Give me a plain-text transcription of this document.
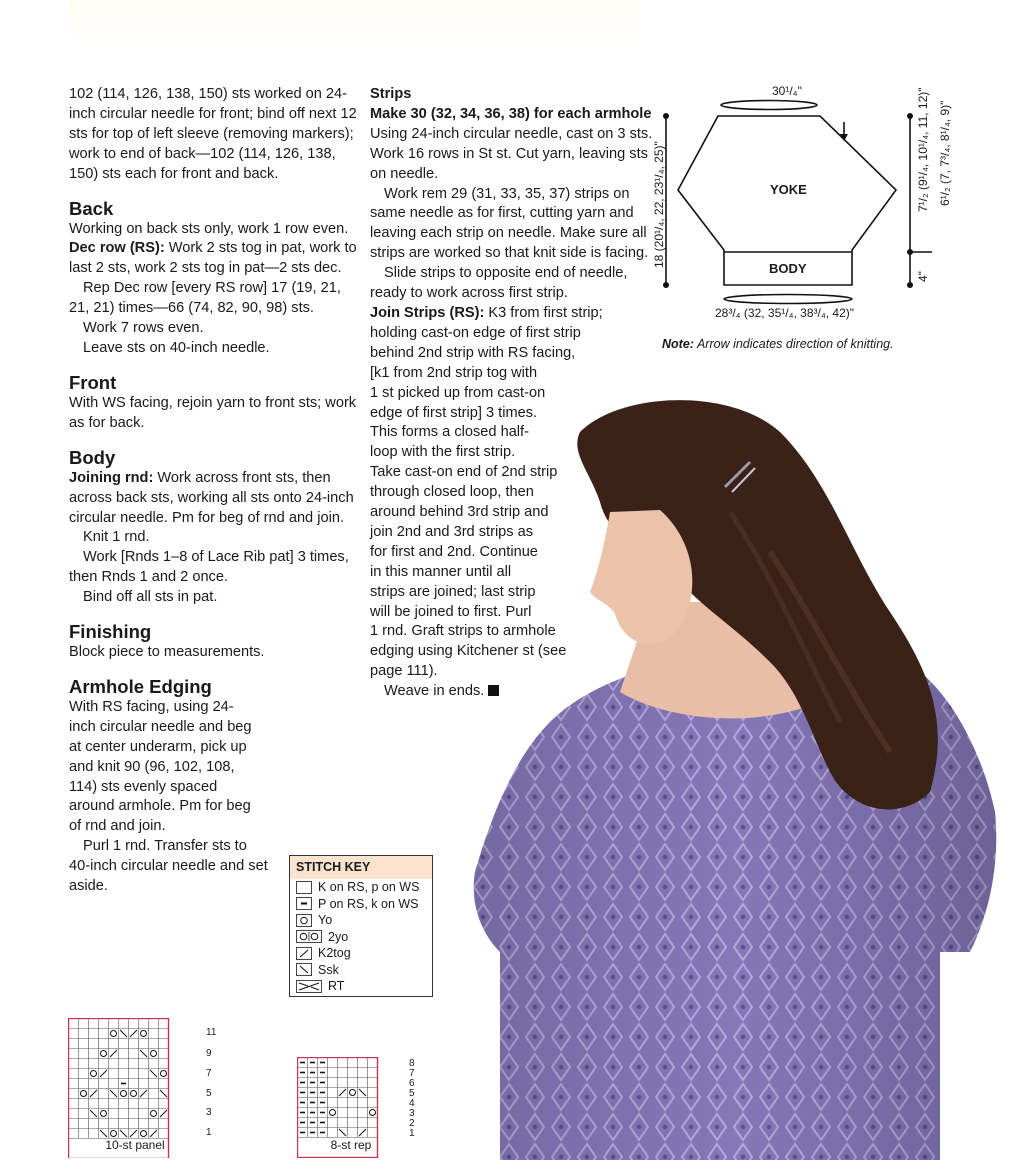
102 (114, 126, 138, 150) sts worked on 24-inch circular needle for front; bind off next 12 sts for top of left sleeve (removing markers); work to end of back—102 (114, 126, 138, 150) sts each for front and back.

Back

Working on back sts only, work 1 row even.

Dec row (RS): Work 2 sts tog in pat, work to last 2 sts, work 2 sts tog in pat—2 sts dec.

Rep Dec row [every RS row] 17 (19, 21, 21, 21) times—66 (74, 82, 90, 98) sts.

Work 7 rows even.

Leave sts on 40-inch needle.

Front

With WS facing, rejoin yarn to front sts; work as for back.

Body

Joining rnd: Work across front sts, then across back sts, working all sts onto 24-inch circular needle. Pm for beg of rnd and join.

Knit 1 rnd.

Work [Rnds 1–8 of Lace Rib pat] 3 times, then Rnds 1 and 2 once.

Bind off all sts in pat.

Finishing

Block piece to measurements.

Armhole Edging

With RS facing, using 24-inch circular needle and beg at center underarm, pick up and knit 90 (96, 102, 108, 114) sts evenly spaced around armhole. Pm for beg of rnd and join.

Purl 1 rnd. Transfer sts to 40-inch circular needle and set aside.

Strips

Make 30 (32, 34, 36, 38) for each armhole

Using 24-inch circular needle, cast on 3 sts. Work 16 rows in St st. Cut yarn, leaving sts on needle.

Work rem 29 (31, 33, 35, 37) strips on same needle as for first, cutting yarn and leaving each strip on needle. Make sure all strips are worked so that knit side is facing.

Slide strips to opposite end of needle, ready to work across first strip.

Join Strips (RS): K3 from first strip;
holding cast-on edge of first strip
behind 2nd strip with RS facing,
[k1 from 2nd strip tog with
1 st picked up from cast-on
edge of first strip] 3 times.
This forms a closed half-
loop with the first strip.
Take cast-on end of 2nd strip
through closed loop, then
around behind 3rd strip and
join 2nd and 3rd strips as
for first and 2nd. Continue
in this manner until all
strips are joined; last strip
will be joined to first. Purl
1 rnd. Graft strips to armhole
edging using Kitchener st (see
page 111).

Weave in ends.

30¹/₄"
YOKE
BODY
28³/₄ (32, 35¹/₄, 38³/₄, 42)"
18 (20¹/₄, 22, 23¹/₄, 25)"	7¹/₂ (9¹/₄, 10¹/₄, 11, 12)" 6¹/₂ (7, 7³/₄, 8¹/₄, 9)"
4"
Note: Arrow indicates direction of knitting.
STITCH KEY
K on RS, p on WS
P on RS, k on WS
Yo
2yo
K2tog
Ssk
RT
10-st panel
11
9
7
5
3
1
8-st rep
8
7
6
5
4
3
2
1
